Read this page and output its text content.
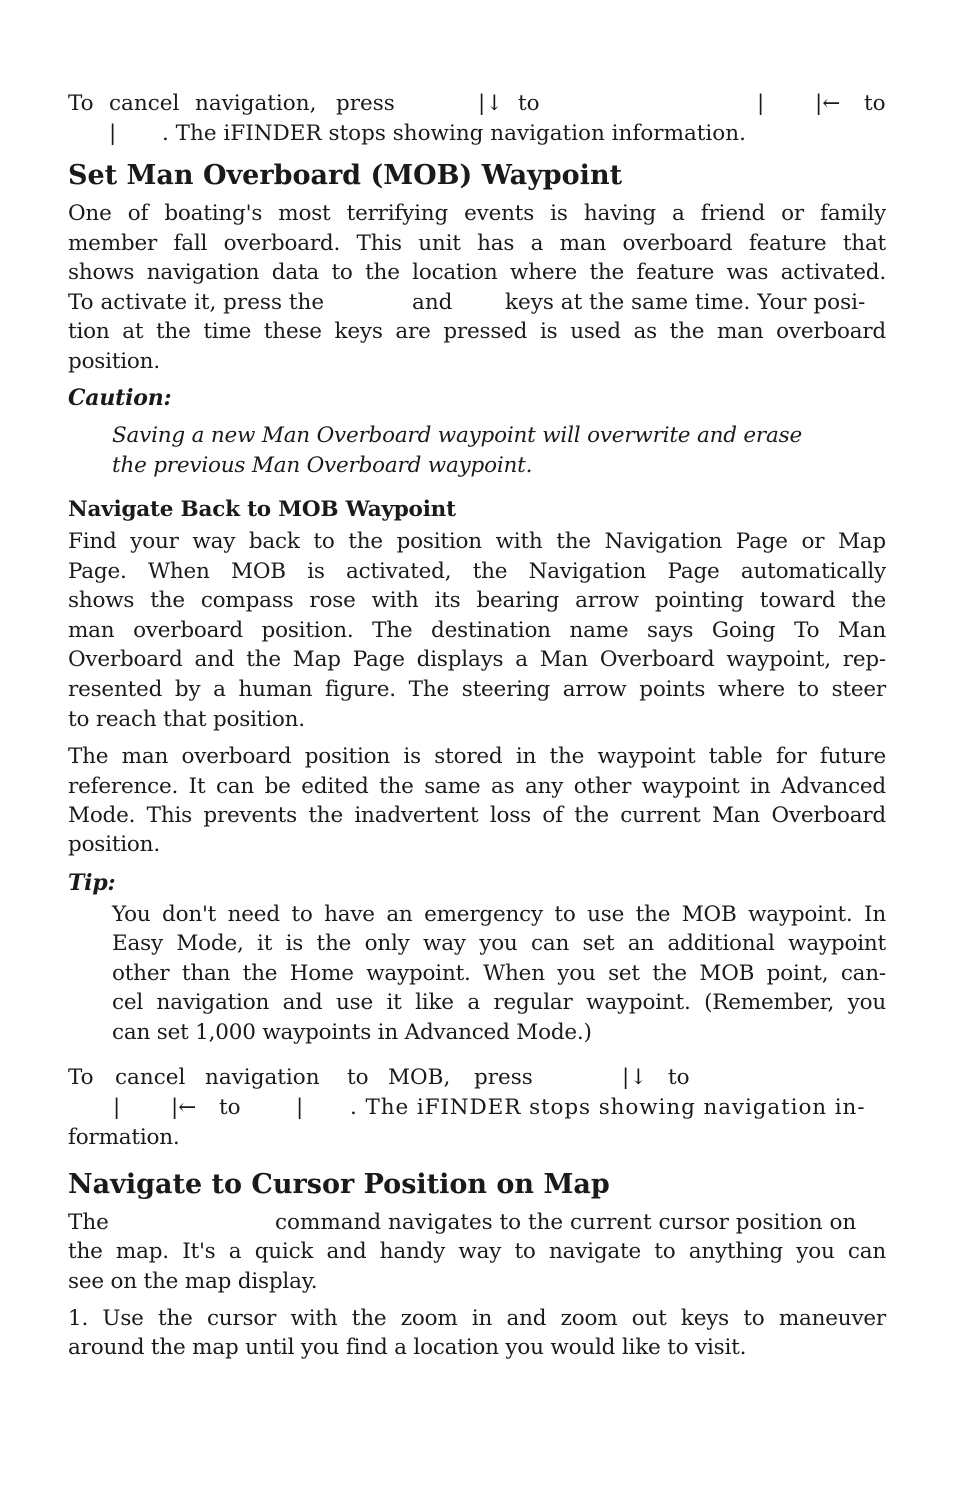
To cancel navigation, press	|↓ to	| |← to
| . The iFINDER stops showing navigation information.
Set Man Overboard (MOB) Waypoint
One of boating's most terrifying events is having a friend or family
member fall overboard. This unit has a man overboard feature that
shows navigation data to the location where the feature was activated.
To activate it, press the	and keys at the same time. Your posi-
tion at the time these keys are pressed is used as the man overboard
position.
Caution:
Saving a new Man Overboard waypoint will overwrite and erase
the previous Man Overboard waypoint.
Navigate Back to MOB Waypoint
Find your way back to the position with the Navigation Page or Map
Page. When MOB is activated, the Navigation Page automatically
shows the compass rose with its bearing arrow pointing toward the
man overboard position. The destination name says Going To Man
Overboard and the Map Page displays a Man Overboard waypoint, rep-
resented by a human figure. The steering arrow points where to steer
to reach that position.
The man overboard position is stored in the waypoint table for future
reference. It can be edited the same as any other waypoint in Advanced
Mode. This prevents the inadvertent loss of the current Man Overboard
position.
Tip:
You don't need to have an emergency to use the MOB waypoint. In
Easy Mode, it is the only way you can set an additional waypoint
other than the Home waypoint. When you set the MOB point, can-
cel navigation and use it like a regular waypoint. (Remember, you
can set 1,000 waypoints in Advanced Mode.)
To cancel navigation to MOB, press	|↓ to
| |← to	| . The iFINDER stops showing navigation in-
formation.
Navigate to Cursor Position on Map
The	command navigates to the current cursor position on
the map. It's a quick and handy way to navigate to anything you can
see on the map display.
1. Use the cursor with the zoom in and zoom out keys to maneuver
around the map until you find a location you would like to visit.
